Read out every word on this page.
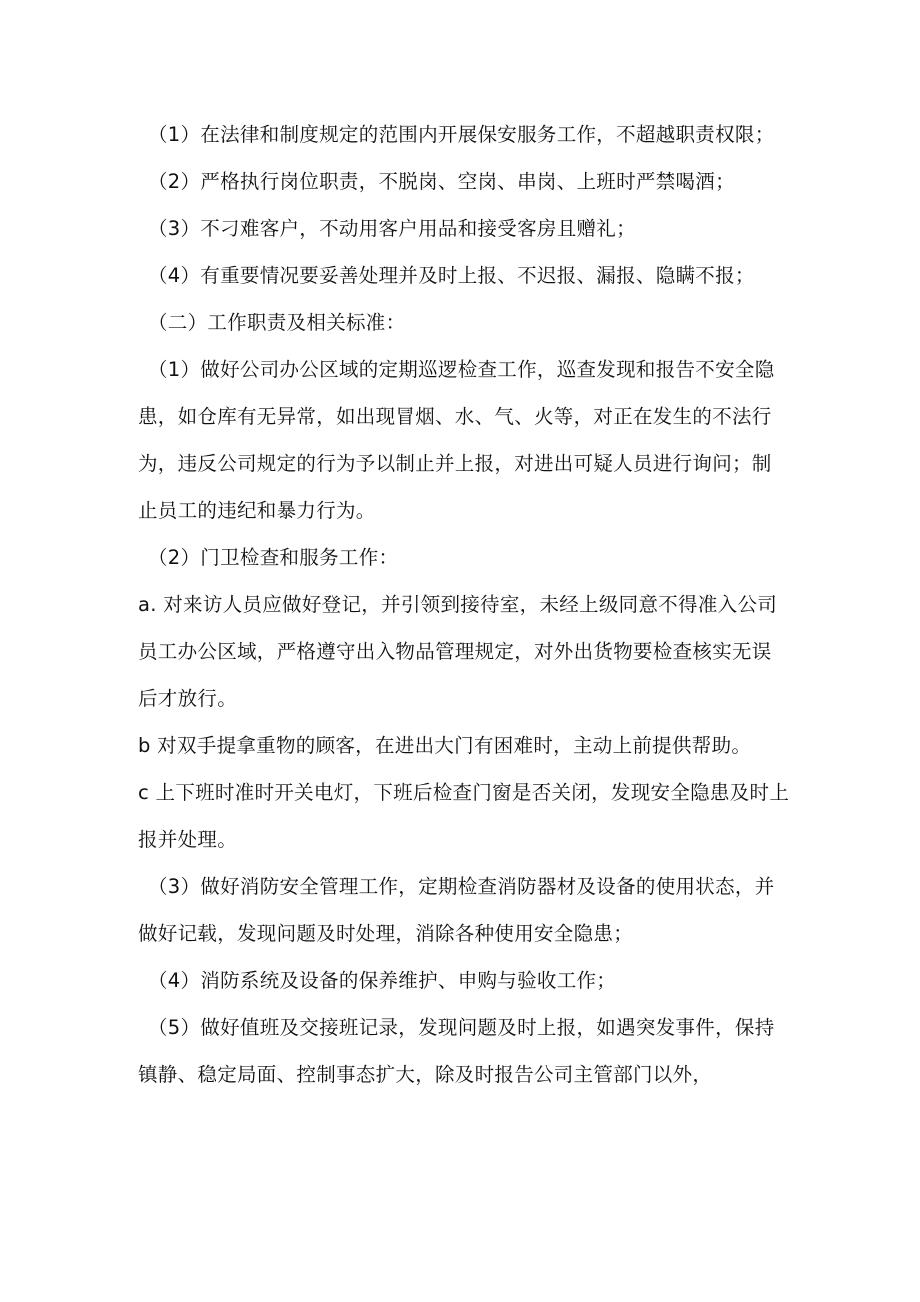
（1）在法律和制度规定的范围内开展保安服务工作，不超越职责权限；

（2）严格执行岗位职责，不脱岗、空岗、串岗、上班时严禁喝酒；

（3）不刁难客户，不动用客户用品和接受客房且赠礼；

（4）有重要情况要妥善处理并及时上报、不迟报、漏报、隐瞒不报；

（二）工作职责及相关标准：

（1）做好公司办公区域的定期巡逻检查工作，巡查发现和报告不安全隐患，如仓库有无异常，如出现冒烟、水、气、火等，对正在发生的不法行为，违反公司规定的行为予以制止并上报，对进出可疑人员进行询问；制止员工的违纪和暴力行为。

（2）门卫检查和服务工作：

a. 对来访人员应做好登记，并引领到接待室，未经上级同意不得准入公司员工办公区域，严格遵守出入物品管理规定，对外出货物要检查核实无误后才放行。

b 对双手提拿重物的顾客，在进出大门有困难时，主动上前提供帮助。

c 上下班时准时开关电灯，下班后检查门窗是否关闭，发现安全隐患及时上报并处理。

（3）做好消防安全管理工作，定期检查消防器材及设备的使用状态，并做好记载，发现问题及时处理，消除各种使用安全隐患；

（4）消防系统及设备的保养维护、申购与验收工作；

（5）做好值班及交接班记录，发现问题及时上报，如遇突发事件，保持镇静、稳定局面、控制事态扩大，除及时报告公司主管部门以外，
